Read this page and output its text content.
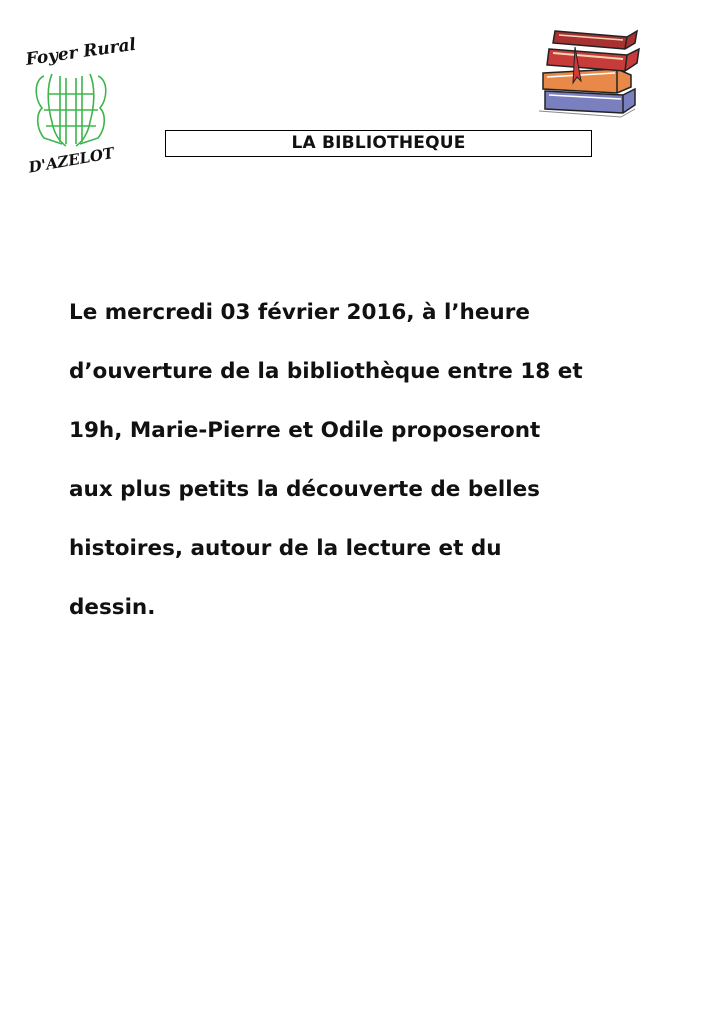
Foyer Rural
D'AZELOT
LA BIBLIOTHEQUE
Le mercredi 03 février 2016, à l’heure
d’ouverture de la bibliothèque entre 18 et
19h, Marie-Pierre et Odile proposeront
aux plus petits la découverte de belles
histoires, autour de la lecture et du
dessin.
